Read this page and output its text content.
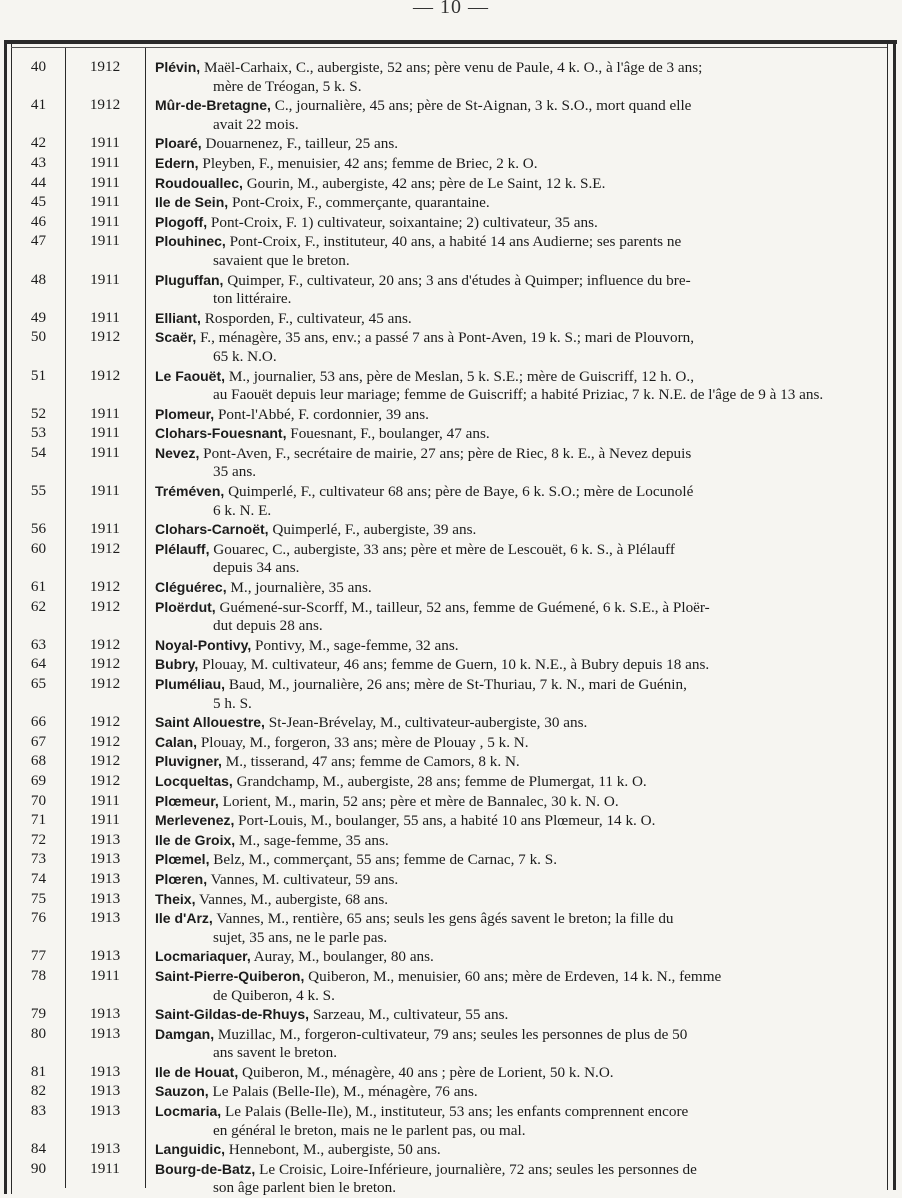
— 10 —
40	1912	Plévin, Maël-Carhaix, C., aubergiste, 52 ans; père venu de Paule, 4 k. O., à l'âge de 3 ans;
mère de Tréogan, 5 k. S.
41	1912	Mûr-de-Bretagne, C., journalière, 45 ans; père de St-Aignan, 3 k. S.O., mort quand elle
avait 22 mois.
42	1911	Ploaré, Douarnenez, F., tailleur, 25 ans.
43	1911	Edern, Pleyben, F., menuisier, 42 ans; femme de Briec, 2 k. O.
44	1911	Roudouallec, Gourin, M., aubergiste, 42 ans; père de Le Saint, 12 k. S.E.
45	1911	Ile de Sein, Pont-Croix, F., commerçante, quarantaine.
46	1911	Plogoff, Pont-Croix, F. 1) cultivateur, soixantaine; 2) cultivateur, 35 ans.
47	1911	Plouhinec, Pont-Croix, F., instituteur, 40 ans, a habité 14 ans Audierne; ses parents ne
savaient que le breton.
48	1911	Pluguffan, Quimper, F., cultivateur, 20 ans; 3 ans d'études à Quimper; influence du bre-
ton littéraire.
49	1911	Elliant, Rosporden, F., cultivateur, 45 ans.
50	1912	Scaër, F., ménagère, 35 ans, env.; a passé 7 ans à Pont-Aven, 19 k. S.; mari de Plouvorn,
65 k. N.O.
51	1912	Le Faouët, M., journalier, 53 ans, père de Meslan, 5 k. S.E.; mère de Guiscriff, 12 h. O.,
au Faouët depuis leur mariage; femme de Guiscriff; a habité Priziac, 7 k. N.E. de l'âge de 9 à 13 ans.
52	1911	Plomeur, Pont-l'Abbé, F. cordonnier, 39 ans.
53	1911	Clohars-Fouesnant, Fouesnant, F., boulanger, 47 ans.
54	1911	Nevez, Pont-Aven, F., secrétaire de mairie, 27 ans; père de Riec, 8 k. E., à Nevez depuis
35 ans.
55	1911	Tréméven, Quimperlé, F., cultivateur 68 ans; père de Baye, 6 k. S.O.; mère de Locunolé
6 k. N. E.
56	1911	Clohars-Carnoët, Quimperlé, F., aubergiste, 39 ans.
60	1912	Plélauff, Gouarec, C., aubergiste, 33 ans; père et mère de Lescouët, 6 k. S., à Plélauff
depuis 34 ans.
61	1912	Cléguérec, M., journalière, 35 ans.
62	1912	Ploërdut, Guémené-sur-Scorff, M., tailleur, 52 ans, femme de Guémené, 6 k. S.E., à Ploër-
dut depuis 28 ans.
63	1912	Noyal-Pontivy, Pontivy, M., sage-femme, 32 ans.
64	1912	Bubry, Plouay, M. cultivateur, 46 ans; femme de Guern, 10 k. N.E., à Bubry depuis 18 ans.
65	1912	Pluméliau, Baud, M., journalière, 26 ans; mère de St-Thuriau, 7 k. N., mari de Guénin,
5 h. S.
66	1912	Saint Allouestre, St-Jean-Brévelay, M., cultivateur-aubergiste, 30 ans.
67	1912	Calan, Plouay, M., forgeron, 33 ans; mère de Plouay , 5 k. N.
68	1912	Pluvigner, M., tisserand, 47 ans; femme de Camors, 8 k. N.
69	1912	Locqueltas, Grandchamp, M., aubergiste, 28 ans; femme de Plumergat, 11 k. O.
70	1911	Plœmeur, Lorient, M., marin, 52 ans; père et mère de Bannalec, 30 k. N. O.
71	1911	Merlevenez, Port-Louis, M., boulanger, 55 ans, a habité 10 ans Plœmeur, 14 k. O.
72	1913	Ile de Groix, M., sage-femme, 35 ans.
73	1913	Plœmel, Belz, M., commerçant, 55 ans; femme de Carnac, 7 k. S.
74	1913	Plœren, Vannes, M. cultivateur, 59 ans.
75	1913	Theix, Vannes, M., aubergiste, 68 ans.
76	1913	Ile d'Arz, Vannes, M., rentière, 65 ans; seuls les gens âgés savent le breton; la fille du
sujet, 35 ans, ne le parle pas.
77	1913	Locmariaquer, Auray, M., boulanger, 80 ans.
78	1911	Saint-Pierre-Quiberon, Quiberon, M., menuisier, 60 ans; mère de Erdeven, 14 k. N., femme
de Quiberon, 4 k. S.
79	1913	Saint-Gildas-de-Rhuys, Sarzeau, M., cultivateur, 55 ans.
80	1913	Damgan, Muzillac, M., forgeron-cultivateur, 79 ans; seules les personnes de plus de 50
ans savent le breton.
81	1913	Ile de Houat, Quiberon, M., ménagère, 40 ans ; père de Lorient, 50 k. N.O.
82	1913	Sauzon, Le Palais (Belle-Ile), M., ménagère, 76 ans.
83	1913	Locmaria, Le Palais (Belle-Ile), M., instituteur, 53 ans; les enfants comprennent encore
en général le breton, mais ne le parlent pas, ou mal.
84	1913	Languidic, Hennebont, M., aubergiste, 50 ans.
90	1911	Bourg-de-Batz, Le Croisic, Loire-Inférieure, journalière, 72 ans; seules les personnes de
son âge parlent bien le breton.
